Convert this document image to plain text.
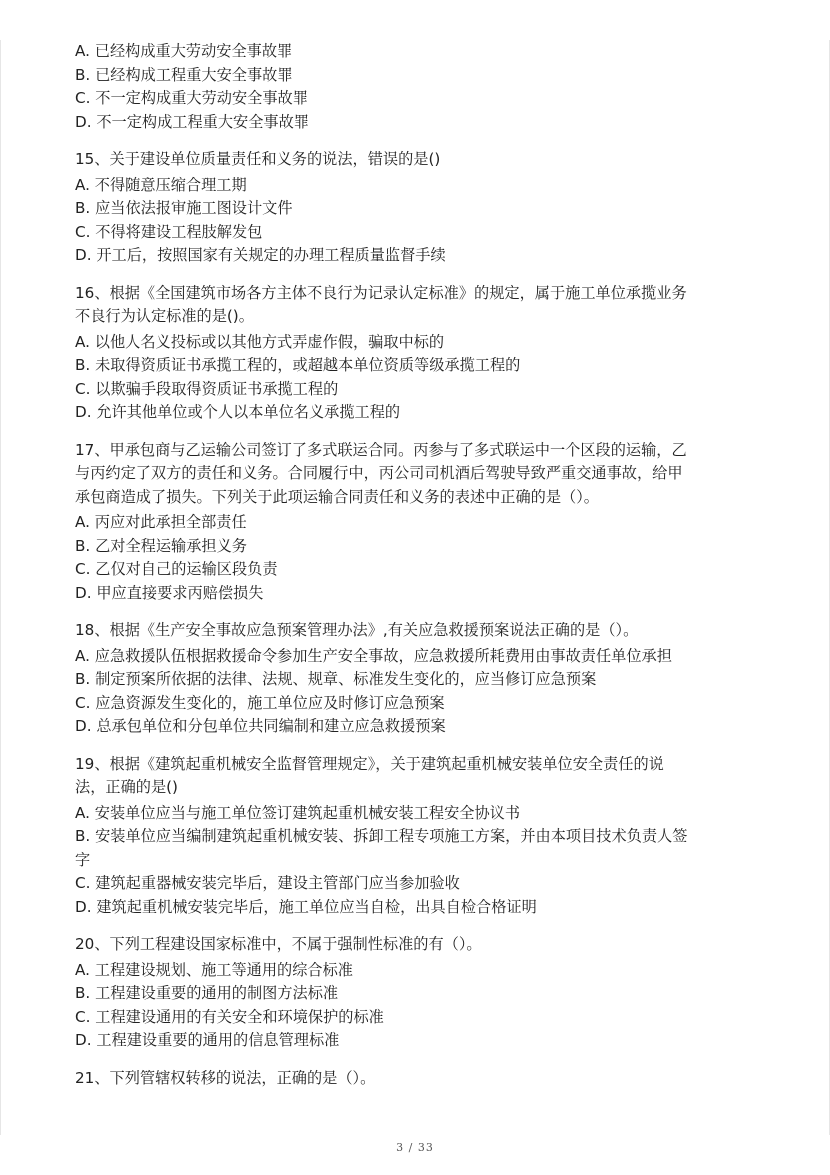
A. 已经构成重大劳动安全事故罪
B. 已经构成工程重大安全事故罪
C. 不一定构成重大劳动安全事故罪
D. 不一定构成工程重大安全事故罪
15、关于建设单位质量责任和义务的说法，错误的是()
A. 不得随意压缩合理工期
B. 应当依法报审施工图设计文件
C. 不得将建设工程肢解发包
D. 开工后，按照国家有关规定的办理工程质量监督手续
16、根据《全国建筑市场各方主体不良行为记录认定标准》的规定，属于施工单位承揽业务
不良行为认定标准的是()。
A. 以他人名义投标或以其他方式弄虚作假，骗取中标的
B. 未取得资质证书承揽工程的，或超越本单位资质等级承揽工程的
C. 以欺骗手段取得资质证书承揽工程的
D. 允许其他单位或个人以本单位名义承揽工程的
17、甲承包商与乙运输公司签订了多式联运合同。丙参与了多式联运中一个区段的运输，乙
与丙约定了双方的责任和义务。合同履行中，丙公司司机酒后驾驶导致严重交通事故，给甲
承包商造成了损失。下列关于此项运输合同责任和义务的表述中正确的是（）。
A. 丙应对此承担全部责任
B. 乙对全程运输承担义务
C. 乙仅对自己的运输区段负责
D. 甲应直接要求丙赔偿损失
18、根据《生产安全事故应急预案管理办法》,有关应急救援预案说法正确的是（）。
A. 应急救援队伍根据救援命令参加生产安全事故，应急救援所耗费用由事故责任单位承担
B. 制定预案所依据的法律、法规、规章、标准发生变化的，应当修订应急预案
C. 应急资源发生变化的，施工单位应及时修订应急预案
D. 总承包单位和分包单位共同编制和建立应急救援预案
19、根据《建筑起重机械安全监督管理规定》，关于建筑起重机械安装单位安全责任的说
法，正确的是()
A. 安装单位应当与施工单位签订建筑起重机械安装工程安全协议书
B. 安装单位应当编制建筑起重机械安装、拆卸工程专项施工方案，并由本项目技术负责人签
字
C. 建筑起重器械安装完毕后，建设主管部门应当参加验收
D. 建筑起重机械安装完毕后，施工单位应当自检，出具自检合格证明
20、下列工程建设国家标准中，不属于强制性标准的有（）。
A. 工程建设规划、施工等通用的综合标准
B. 工程建设重要的通用的制图方法标准
C. 工程建设通用的有关安全和环境保护的标准
D. 工程建设重要的通用的信息管理标准
21、下列管辖权转移的说法，正确的是（）。
3 / 33
